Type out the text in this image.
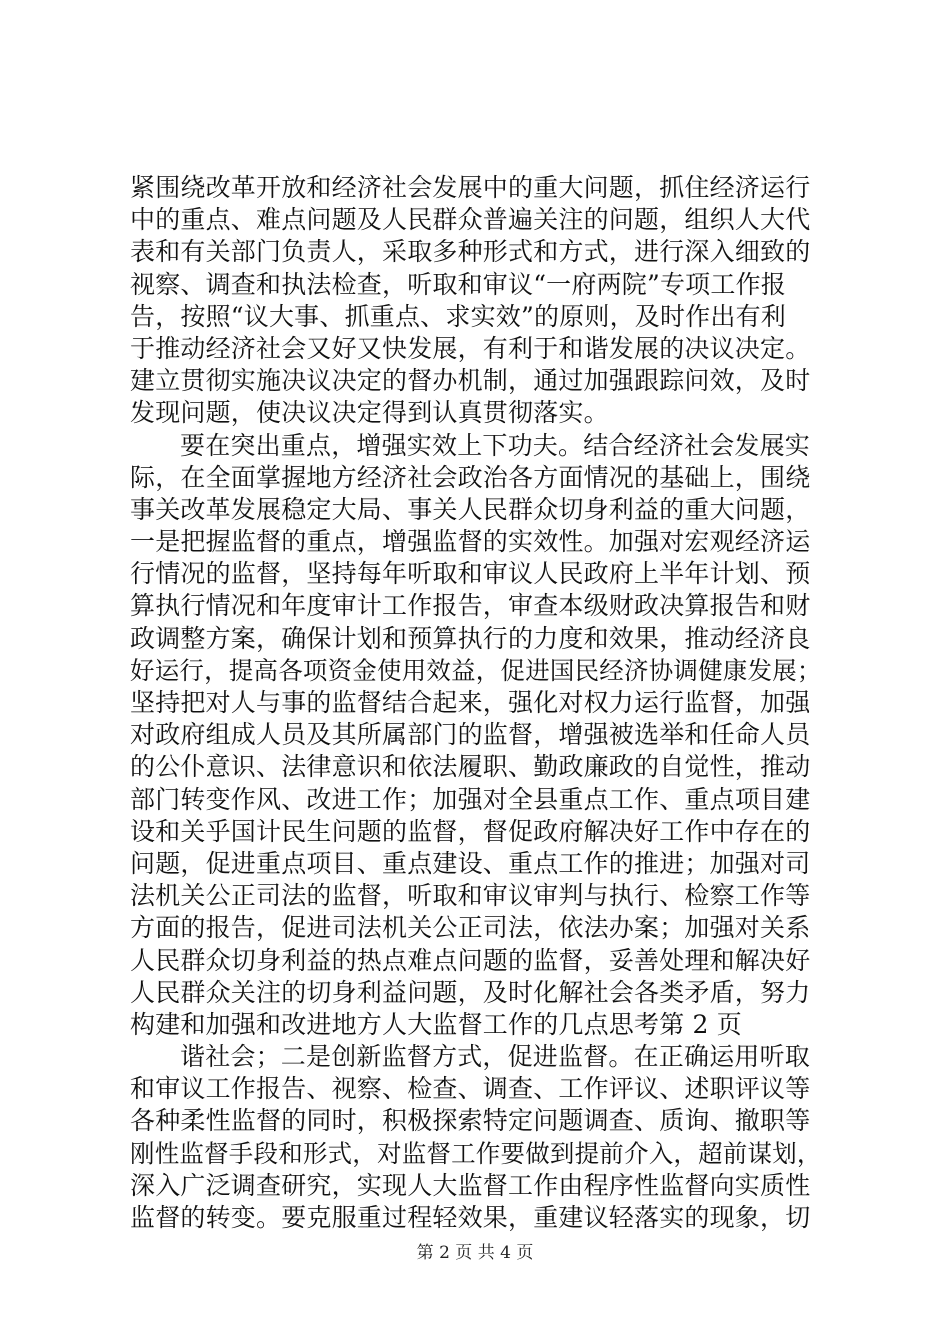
紧围绕改革开放和经济社会发展中的重大问题，抓住经济运行
中的重点、难点问题及人民群众普遍关注的问题，组织人大代
表和有关部门负责人，采取多种形式和方式，进行深入细致的
视察、调查和执法检查，听取和审议“一府两院”专项工作报
告，按照“议大事、抓重点、求实效”的原则，及时作出有利
于推动经济社会又好又快发展，有利于和谐发展的决议决定。
建立贯彻实施决议决定的督办机制，通过加强跟踪问效，及时
发现问题，使决议决定得到认真贯彻落实。
要在突出重点，增强实效上下功夫。结合经济社会发展实
际，在全面掌握地方经济社会政治各方面情况的基础上，围绕
事关改革发展稳定大局、事关人民群众切身利益的重大问题，
一是把握监督的重点，增强监督的实效性。加强对宏观经济运
行情况的监督，坚持每年听取和审议人民政府上半年计划、预
算执行情况和年度审计工作报告，审查本级财政决算报告和财
政调整方案，确保计划和预算执行的力度和效果，推动经济良
好运行，提高各项资金使用效益，促进国民经济协调健康发展；
坚持把对人与事的监督结合起来，强化对权力运行监督，加强
对政府组成人员及其所属部门的监督，增强被选举和任命人员
的公仆意识、法律意识和依法履职、勤政廉政的自觉性，推动
部门转变作风、改进工作；加强对全县重点工作、重点项目建
设和关乎国计民生问题的监督，督促政府解决好工作中存在的
问题，促进重点项目、重点建设、重点工作的推进；加强对司
法机关公正司法的监督，听取和审议审判与执行、检察工作等
方面的报告，促进司法机关公正司法，依法办案；加强对关系
人民群众切身利益的热点难点问题的监督，妥善处理和解决好
人民群众关注的切身利益问题，及时化解社会各类矛盾，努力
构建和加强和改进地方人大监督工作的几点思考第 2 页
谐社会；二是创新监督方式，促进监督。在正确运用听取
和审议工作报告、视察、检查、调查、工作评议、述职评议等
各种柔性监督的同时，积极探索特定问题调查、质询、撤职等
刚性监督手段和形式，对监督工作要做到提前介入，超前谋划，
深入广泛调查研究，实现人大监督工作由程序性监督向实质性
监督的转变。要克服重过程轻效果，重建议轻落实的现象，切
第 2 页 共 4 页
